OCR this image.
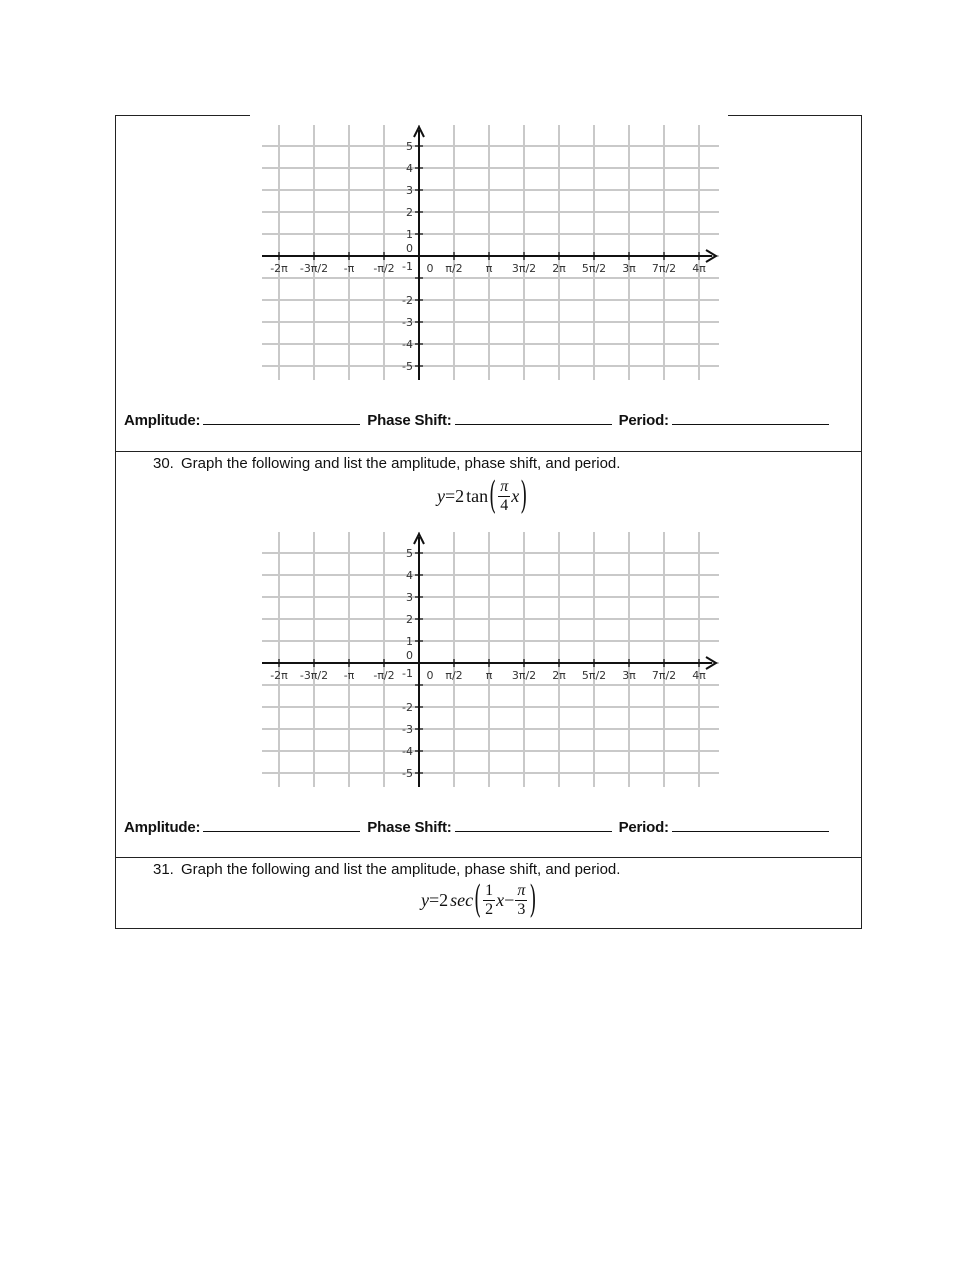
5
4
3
2
1
0
-1
-2
-3
-4
-5
-2π -3π/2 -π -π/2	0 π/2 π 3π/2 2π 5π/2 3π 7π/2 4π
Amplitude:	Phase Shift:	Period:
30. Graph the following and list the amplitude, phase shift, and period.
y = 2 tan ( $\frac{\pi}{4}$ x )
5
4
3
2
1
0
-1
-2
-3
-4
-5
-2π -3π/2 -π -π/2	0 π/2 π 3π/2 2π 5π/2 3π 7π/2 4π
Amplitude:	Phase Shift:	Period:
31. Graph the following and list the amplitude, phase shift, and period.
y = 2 sec ( $\frac{1}{2}$ $x - \frac{\pi}{3}$ )
